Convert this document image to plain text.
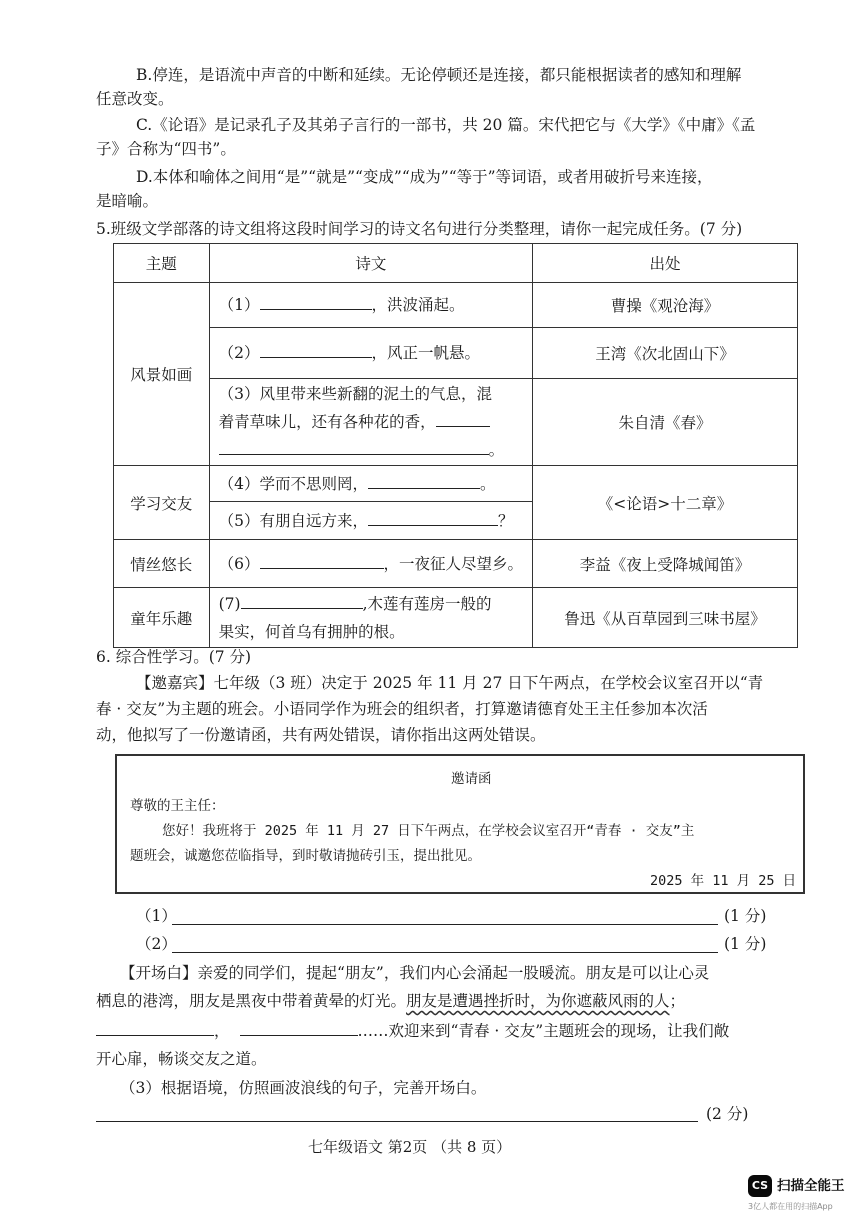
B.停连，是语流中声音的中断和延续。无论停顿还是连接，都只能根据读者的感知和理解
任意改变。
C.《论语》是记录孔子及其弟子言行的一部书，共 20 篇。宋代把它与《大学》《中庸》《孟
子》合称为“四书”。
D.本体和喻体之间用“是”“就是”“变成”“成为”“等于”等词语，或者用破折号来连接，
是暗喻。
5.班级文学部落的诗文组将这段时间学习的诗文名句进行分类整理，请你一起完成任务。(7 分)
主题	诗文	出处
风景如画	（1） ，洪波涌起。	曹操《观沧海》

	（2） ，风正一帆悬。	王湾《次北固山下》

	（3）风里带来些新翻的泥土的气息，混
着青草味儿，还有各种花的香，
。	朱自清《春》
学习交友	（4）学而不思则罔， 。	《<论语>十二章》

	（5）有朋自远方来， ？	

情丝悠长	（6） ，一夜征人尽望乡。	李益《夜上受降城闻笛》
童年乐趣	(7) ,木莲有莲房一般的
果实，何首乌有拥肿的根。	鲁迅《从百草园到三味书屋》
6. 综合性学习。(7 分)
【邀嘉宾】七年级（3 班）决定于 2025 年 11 月 27 日下午两点，在学校会议室召开以“青
春 · 交友”为主题的班会。小语同学作为班会的组织者，打算邀请德育处王主任参加本次活
动，他拟写了一份邀请函，共有两处错误，请你指出这两处错误。
邀请函
尊敬的王主任：
您好！我班将于 2025 年 11 月 27 日下午两点，在学校会议室召开“青春 · 交友”主
题班会，诚邀您莅临指导，到时敬请抛砖引玉，提出批见。
2025 年 11 月 25 日
（1）	(1 分)
（2）	(1 分)
【开场白】亲爱的同学们，提起“朋友”，我们内心会涌起一股暖流。朋友是可以让心灵
栖息的港湾，朋友是黑夜中带着黄晕的灯光。朋友是遭遇挫折时，为你遮蔽风雨的人；
，	……欢迎来到“青春 · 交友”主题班会的现场，让我们敞
开心扉，畅谈交友之道。
（3）根据语境，仿照画波浪线的句子，完善开场白。
(2 分)
七年级语文 第2页 （共 8 页）
CS 扫描全能王
3亿人都在用的扫描App
